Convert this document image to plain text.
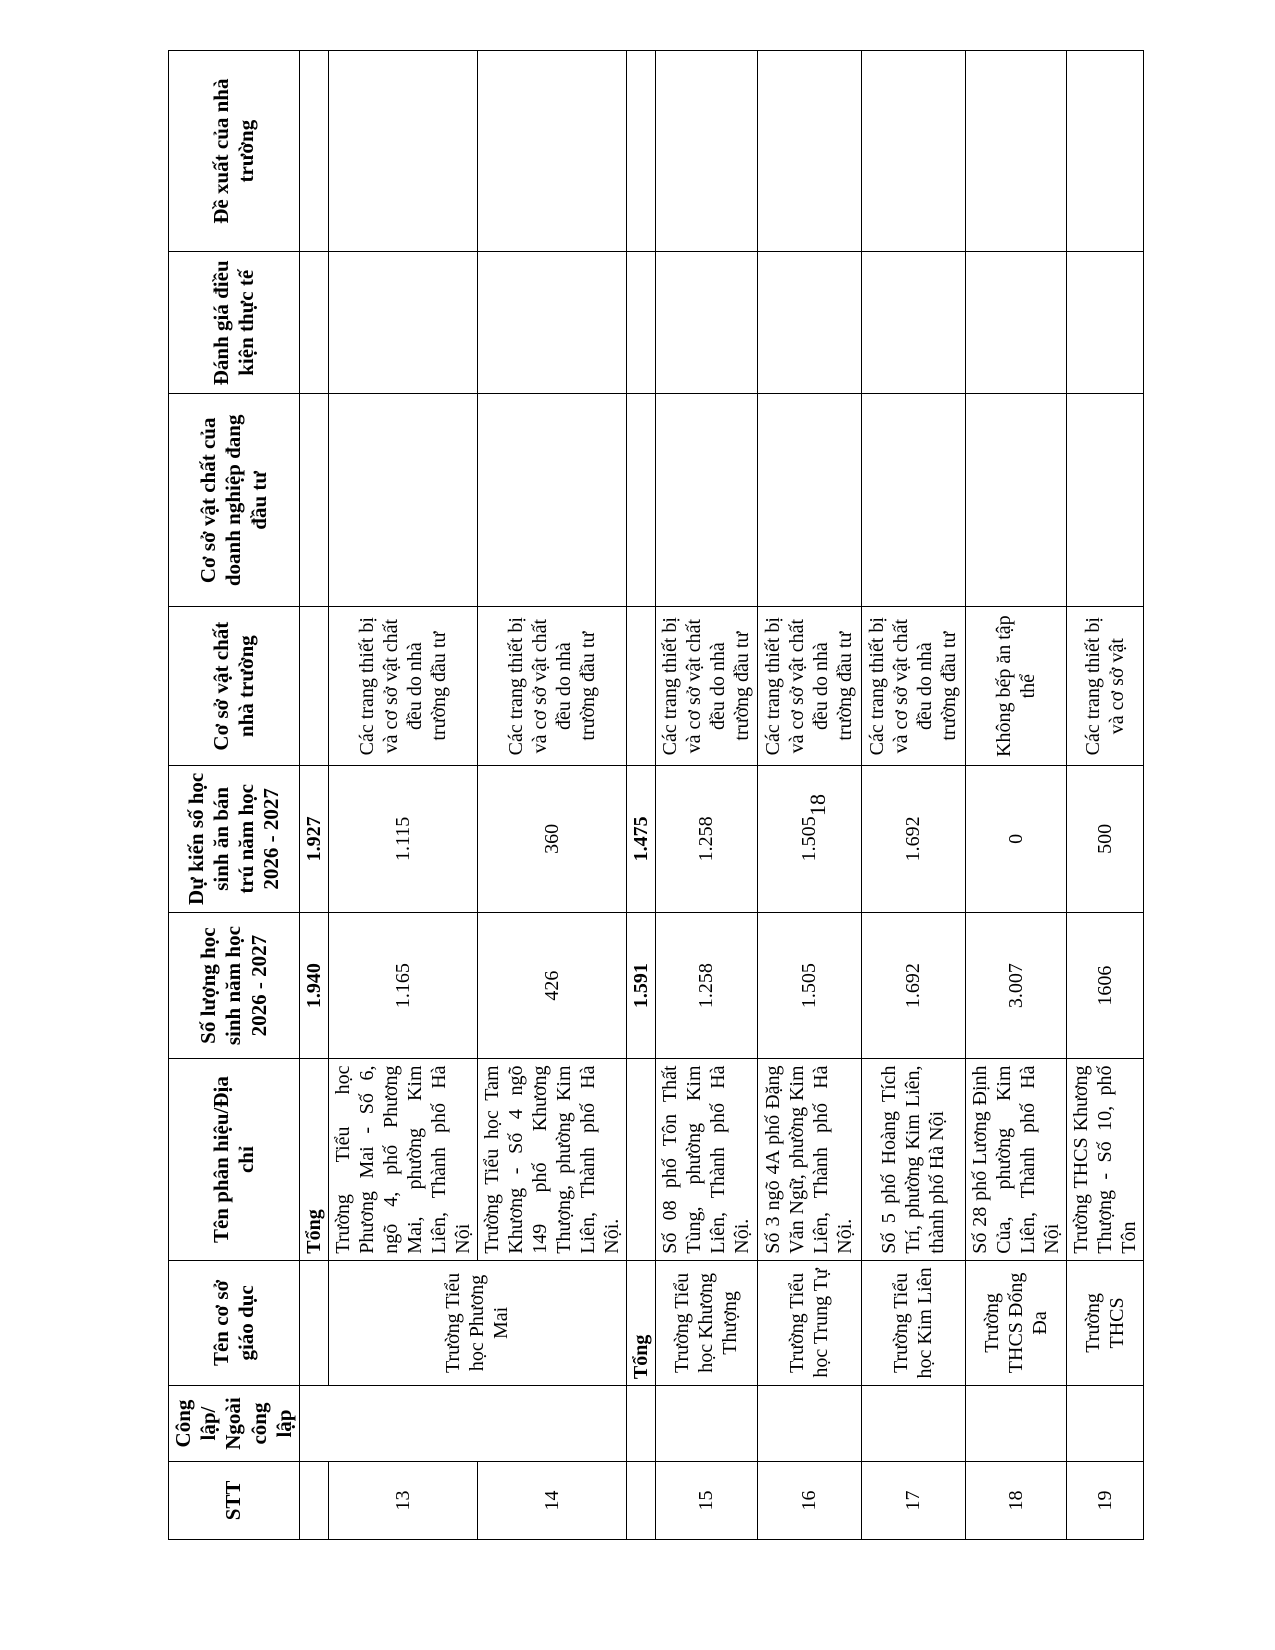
18
STT	Công lập/ Ngoài công lập	Tên cơ sở giáo dục	Tên phân hiệu/Địa chỉ	Số lượng học sinh năm học 2026 - 2027	Dự kiến số học sinh ăn bán trú năm học 2026 - 2027	Cơ sở vật chất nhà trường	Cơ sở vật chất của doanh nghiệp đang đầu tư	Đánh giá điều kiện thực tế	Đề xuất của nhà trường
			Tổng	1.940	1.927				
13		Trường Tiểu học Phương Mai	Trường Tiểu học Phương Mai - Số 6, ngõ 4, phố Phương Mai, phường Kim Liên, Thành phố Hà Nội	1.165	1.115	Các trang thiết bị và cơ sở vật chất đều do nhà trường đầu tư			
14			Trường Tiểu học Tam Khương - Số 4 ngõ 149 phố Khương Thượng, phường Kim Liên, Thành phố Hà Nội.	426	360	Các trang thiết bị và cơ sở vật chất đều do nhà trường đầu tư			
		Tổng		1.591	1.475				
15		Trường Tiểu học Khương Thượng	Số 08 phố Tôn Thất Tùng, phường Kim Liên, Thành phố Hà Nội.	1.258	1.258	Các trang thiết bị và cơ sở vật chất đều do nhà trường đầu tư			
16		Trường Tiểu học Trung Tự	Số 3 ngõ 4A phố Đặng Văn Ngữ, phường Kim Liên, Thành phố Hà Nội.	1.505	1.505	Các trang thiết bị và cơ sở vật chất đều do nhà trường đầu tư			
17		Trường Tiểu học Kim Liên	Số 5 phố Hoàng Tích Trí, phường Kim Liên, thành phố Hà Nội	1.692	1.692	Các trang thiết bị và cơ sở vật chất đều do nhà trường đầu tư			
18		Trường THCS Đống Đa	Số 28 phố Lương Định Của, phường Kim Liên, Thành phố Hà Nội	3.007	0	Không bếp ăn tập thể			
19		Trường THCS	Trường THCS Khương Thượng - Số 10, phố Tôn	1606	500	Các trang thiết bị và cơ sở vật			
